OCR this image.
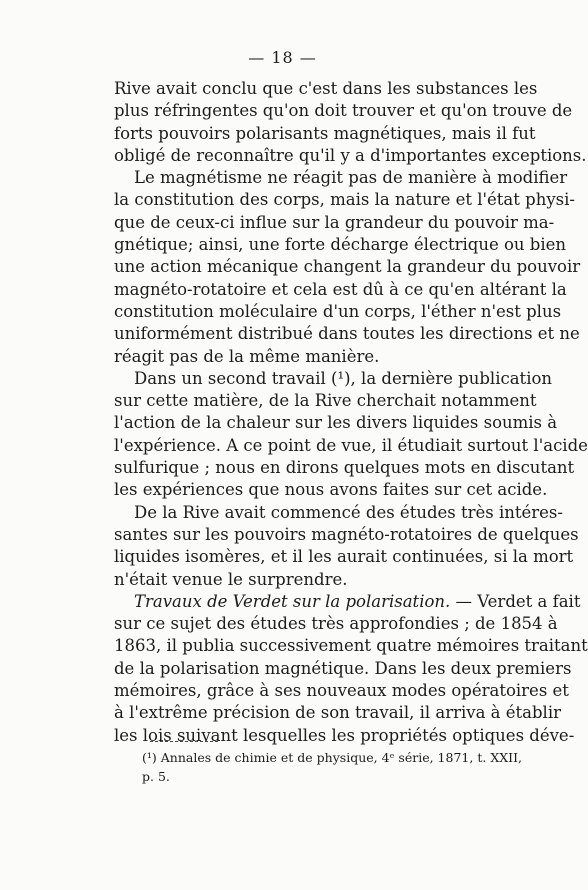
— 18 —
Rive avait conclu que c'est dans les substances les
plus réfringentes qu'on doit trouver et qu'on trouve de
forts pouvoirs polarisants magnétiques, mais il fut
obligé de reconnaître qu'il y a d'importantes exceptions.
Le magnétisme ne réagit pas de manière à modifier
la constitution des corps, mais la nature et l'état physi-
que de ceux-ci influe sur la grandeur du pouvoir ma-
gnétique; ainsi, une forte décharge électrique ou bien
une action mécanique changent la grandeur du pouvoir
magnéto-rotatoire et cela est dû à ce qu'en altérant la
constitution moléculaire d'un corps, l'éther n'est plus
uniformément distribué dans toutes les directions et ne
réagit pas de la même manière.
Dans un second travail (¹), la dernière publication
sur cette matière, de la Rive cherchait notamment
l'action de la chaleur sur les divers liquides soumis à
l'expérience. A ce point de vue, il étudiait surtout l'acide
sulfurique ; nous en dirons quelques mots en discutant
les expériences que nous avons faites sur cet acide.
De la Rive avait commencé des études très intéres-
santes sur les pouvoirs magnéto-rotatoires de quelques
liquides isomères, et il les aurait continuées, si la mort
n'était venue le surprendre.
Travaux de Verdet sur la polarisation. — Verdet a fait
sur ce sujet des études très approfondies ; de 1854 à
1863, il publia successivement quatre mémoires traitant
de la polarisation magnétique. Dans les deux premiers
mémoires, grâce à ses nouveaux modes opératoires et
à l'extrême précision de son travail, il arriva à établir
les lois suivant lesquelles les propriétés optiques déve-
(¹) Annales de chimie et de physique, 4ᵉ série, 1871, t. XXII,
p. 5.
